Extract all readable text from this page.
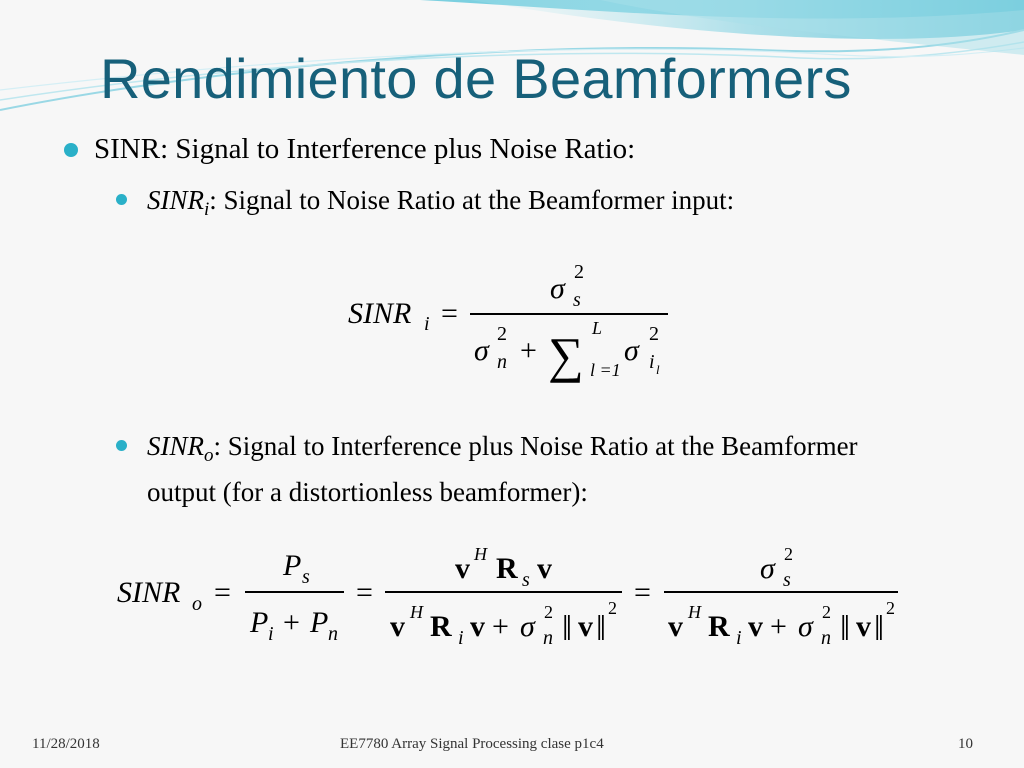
Rendimiento de Beamformers
SINR: Signal to Interference plus Noise Ratio:
$SINR_i$: Signal to Noise Ratio at the Beamformer input:
$SINR_o$: Signal to Interference plus Noise Ratio at the Beamformer output (for a distortionless beamformer):
SINR i =
σ 2
s
σ 2
n + ∑ L
l =1
σ 2
i l
SINR o =
P s
P i + P n
=
v H R s v
v H R i v + σ 2
n ‖ v ‖ 2 =
σ 2
s
v H R i v + σ 2
n ‖ v ‖ 2
11/28/2018	EE7780 Array Signal Processing clase p1c4	10
